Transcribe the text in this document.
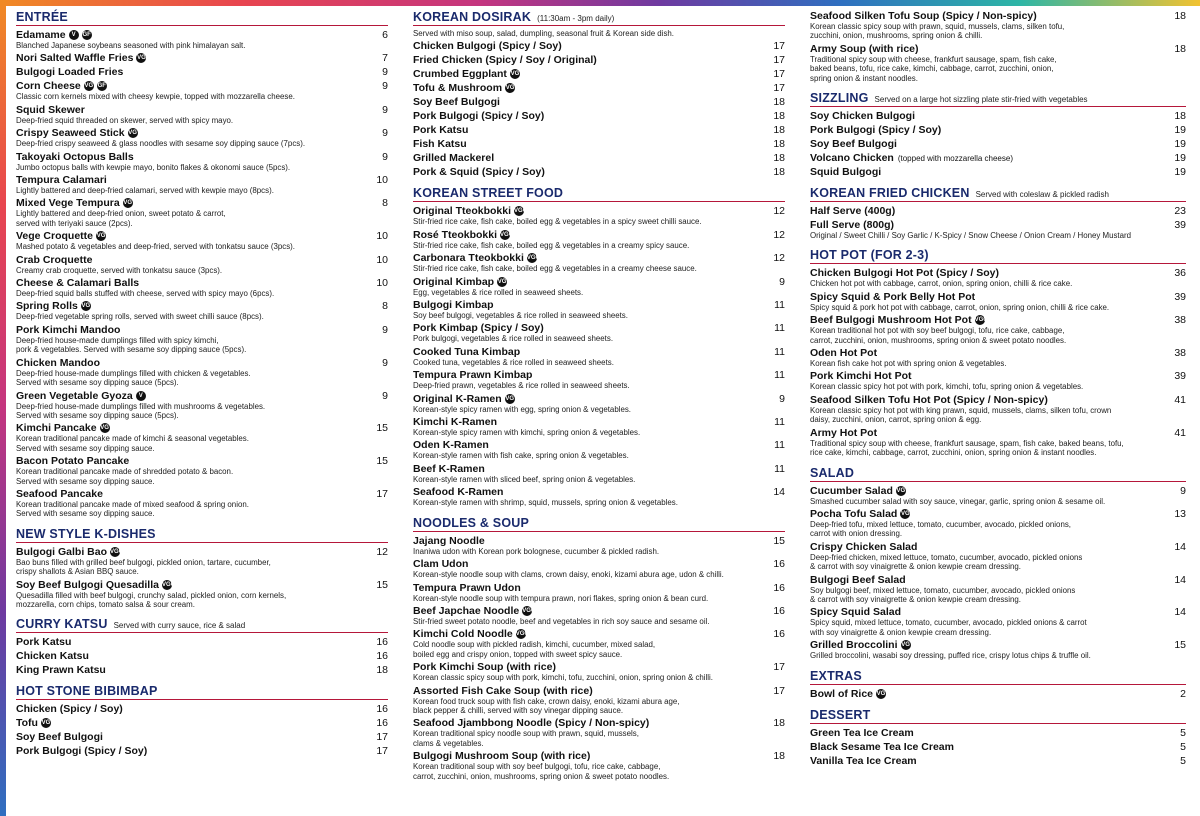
ENTRÉE
Edamame V	GF	6
Blanched Japanese soybeans seasoned with pink himalayan salt.
Nori Salted Waffle Fries VG	7
Bulgogi Loaded Fries	9
Corn Cheese VG GF	9
Classic corn kernels mixed with cheesy kewpie, topped with mozzarella cheese.
Squid Skewer	9
Deep-fried squid threaded on skewer, served with spicy mayo.
Crispy Seaweed Stick VG	9
Deep-fried crispy seaweed & glass noodles with sesame soy dipping sauce (7pcs).
Takoyaki Octopus Balls	9
Jumbo octopus balls with kewpie mayo, bonito flakes & okonomi sauce (5pcs).
Tempura Calamari	10
Lightly battered and deep-fried calamari, served with kewpie mayo (8pcs).
Mixed Vege Tempura VG	8
Lightly battered and deep-fried onion, sweet potato & carrot,
served with teriyaki sauce (2pcs).
Vege Croquette VG	10
Mashed potato & vegetables and deep-fried, served with tonkatsu sauce (3pcs).
Crab Croquette	10
Creamy crab croquette, served with tonkatsu sauce (3pcs).
Cheese & Calamari Balls	10
Deep-fried squid balls stuffed with cheese, served with spicy mayo (6pcs).
Spring Rolls VG	8
Deep-fried vegetable spring rolls, served with sweet chilli sauce (8pcs).
Pork Kimchi Mandoo	9
Deep-fried house-made dumplings filled with spicy kimchi,
pork & vegetables. Served with sesame soy dipping sauce (5pcs).
Chicken Mandoo	9
Deep-fried house-made dumplings filled with chicken & vegetables.
Served with sesame soy dipping sauce (5pcs).
Green Vegetable Gyoza V	9
Deep-fried house-made dumplings filled with mushrooms & vegetables.
Served with sesame soy dipping sauce (5pcs).
Kimchi Pancake VG	15
Korean traditional pancake made of kimchi & seasonal vegetables.
Served with sesame soy dipping sauce.
Bacon Potato Pancake	15
Korean traditional pancake made of shredded potato & bacon.
Served with sesame soy dipping sauce.
Seafood Pancake	17
Korean traditional pancake made of mixed seafood & spring onion.
Served with sesame soy dipping sauce.
NEW STYLE K-DISHES
Bulgogi Galbi Bao VGO	12
Bao buns filled with grilled beef bulgogi, pickled onion, tartare, cucumber,
crispy shallots & Asian BBQ sauce.
Soy Beef Bulgogi Quesadilla VGO	15
Quesadilla filled with beef bulgogi, crunchy salad, pickled onion, corn kernels,
mozzarella, corn chips, tomato salsa & sour cream.
CURRY KATSU Served with curry sauce, rice & salad
Pork Katsu	16
Chicken Katsu	16
King Prawn Katsu	18
HOT STONE BIBIMBAP
Chicken (Spicy / Soy)	16
Tofu VG	16
Soy Beef Bulgogi	17
Pork Bulgogi (Spicy / Soy)	17
KOREAN DOSIRAK (11:30am - 3pm daily)
Served with miso soup, salad, dumpling, seasonal fruit & Korean side dish.
Chicken Bulgogi (Spicy / Soy)	17
Fried Chicken (Spicy / Soy / Original)	17
Crumbed Eggplant VG	17
Tofu & Mushroom VG	17
Soy Beef Bulgogi	18
Pork Bulgogi (Spicy / Soy)	18
Pork Katsu	18
Fish Katsu	18
Grilled Mackerel	18
Pork & Squid (Spicy / Soy)	18
KOREAN STREET FOOD
Original Tteokbokki VGO	12
Stir-fried rice cake, fish cake, boiled egg & vegetables in a spicy sweet chilli sauce.
Rosé Tteokbokki VGO	12
Stir-fried rice cake, fish cake, boiled egg & vegetables in a creamy spicy sauce.
Carbonara Tteokbokki VGO	12
Stir-fried rice cake, fish cake, boiled egg & vegetables in a creamy cheese sauce.
Original Kimbap VG	9
Egg, vegetables & rice rolled in seaweed sheets.
Bulgogi Kimbap	11
Soy beef bulgogi, vegetables & rice rolled in seaweed sheets.
Pork Kimbap (Spicy / Soy)	11
Pork bulgogi, vegetables & rice rolled in seaweed sheets.
Cooked Tuna Kimbap	11
Cooked tuna, vegetables & rice rolled in seaweed sheets.
Tempura Prawn Kimbap	11
Deep-fried prawn, vegetables & rice rolled in seaweed sheets.
Original K-Ramen VG	9
Korean-style spicy ramen with egg, spring onion & vegetables.
Kimchi K-Ramen	11
Korean-style spicy ramen with kimchi, spring onion & vegetables.
Oden K-Ramen	11
Korean-style ramen with fish cake, spring onion & vegetables.
Beef K-Ramen	11
Korean-style ramen with sliced beef, spring onion & vegetables.
Seafood K-Ramen	14
Korean-style ramen with shrimp, squid, mussels, spring onion & vegetables.
NOODLES & SOUP
Jajang Noodle	15
Inaniwa udon with Korean pork bolognese, cucumber & pickled radish.
Clam Udon	16
Korean-style noodle soup with clams, crown daisy, enoki, kizami abura age, udon & chilli.
Tempura Prawn Udon	16
Korean-style noodle soup with tempura prawn, nori flakes, spring onion & bean curd.
Beef Japchae Noodle VGO	16
Stir-fried sweet potato noodle, beef and vegetables in rich soy sauce and sesame oil.
Kimchi Cold Noodle VGO	16
Cold noodle soup with pickled radish, kimchi, cucumber, mixed salad,
boiled egg and crispy onion, topped with sweet spicy sauce.
Pork Kimchi Soup (with rice)	17
Korean classic spicy soup with pork, kimchi, tofu, zucchini, onion, spring onion & chilli.
Assorted Fish Cake Soup (with rice)	17
Korean food truck soup with fish cake, crown daisy, enoki, kizami abura age,
black pepper & chilli, served with soy vinegar dipping sauce.
Seafood Jjambbong Noodle (Spicy / Non-spicy)	18
Korean traditional spicy noodle soup with prawn, squid, mussels,
clams & vegetables.
Bulgogi Mushroom Soup (with rice)	18
Korean traditional soup with soy beef bulgogi, tofu, rice cake, cabbage,
carrot, zucchini, onion, mushrooms, spring onion & sweet potato noodles.
Seafood Silken Tofu Soup (Spicy / Non-spicy)	18
Korean classic spicy soup with prawn, squid, mussels, clams, silken tofu,
zucchini, onion, mushrooms, spring onion & chilli.
Army Soup (with rice)	18
Traditional spicy soup with cheese, frankfurt sausage, spam, fish cake,
baked beans, tofu, rice cake, kimchi, cabbage, carrot, zucchini, onion,
spring onion & instant noodles.
SIZZLING Served on a large hot sizzling plate stir-fried with vegetables
Soy Chicken Bulgogi	18
Pork Bulgogi (Spicy / Soy)	19
Soy Beef Bulgogi	19
Volcano Chicken (topped with mozzarella cheese)	19
Squid Bulgogi	19
KOREAN FRIED CHICKEN Served with coleslaw & pickled radish
Half Serve (400g)	23
Full Serve (800g)	39
Original / Sweet Chilli / Soy Garlic / K-Spicy / Snow Cheese / Onion Cream / Honey Mustard
HOT POT (FOR 2-3)
Chicken Bulgogi Hot Pot (Spicy / Soy)	36
Chicken hot pot with cabbage, carrot, onion, spring onion, chilli & rice cake.
Spicy Squid & Pork Belly Hot Pot	39
Spicy squid & pork hot pot with cabbage, carrot, onion, spring onion, chilli & rice cake.
Beef Bulgogi Mushroom Hot Pot VGO	38
Korean traditional hot pot with soy beef bulgogi, tofu, rice cake, cabbage,
carrot, zucchini, onion, mushrooms, spring onion & sweet potato noodles.
Oden Hot Pot	38
Korean fish cake hot pot with spring onion & vegetables.
Pork Kimchi Hot Pot	39
Korean classic spicy hot pot with pork, kimchi, tofu, spring onion & vegetables.
Seafood Silken Tofu Hot Pot (Spicy / Non-spicy)	41
Korean classic spicy hot pot with king prawn, squid, mussels, clams, silken tofu, crown
daisy, zucchini, onion, carrot, spring onion & egg.
Army Hot Pot	41
Traditional spicy soup with cheese, frankfurt sausage, spam, fish cake, baked beans, tofu,
rice cake, kimchi, cabbage, carrot, zucchini, onion, spring onion & instant noodles.
SALAD
Cucumber Salad VG	9
Smashed cucumber salad with soy sauce, vinegar, garlic, spring onion & sesame oil.
Pocha Tofu Salad VG	13
Deep-fried tofu, mixed lettuce, tomato, cucumber, avocado, pickled onions,
carrot with onion dressing.
Crispy Chicken Salad	14
Deep-fried chicken, mixed lettuce, tomato, cucumber, avocado, pickled onions
& carrot with soy vinaigrette & onion kewpie cream dressing.
Bulgogi Beef Salad	14
Soy bulgogi beef, mixed lettuce, tomato, cucumber, avocado, pickled onions
& carrot with soy vinaigrette & onion kewpie cream dressing.
Spicy Squid Salad	14
Spicy squid, mixed lettuce, tomato, cucumber, avocado, pickled onions & carrot
with soy vinaigrette & onion kewpie cream dressing.
Grilled Broccolini VG	15
Grilled broccolini, wasabi soy dressing, puffed rice, crispy lotus chips & truffle oil.
EXTRAS
Bowl of Rice VG	2
DESSERT
Green Tea Ice Cream	5
Black Sesame Tea Ice Cream	5
Vanilla Tea Ice Cream	5
